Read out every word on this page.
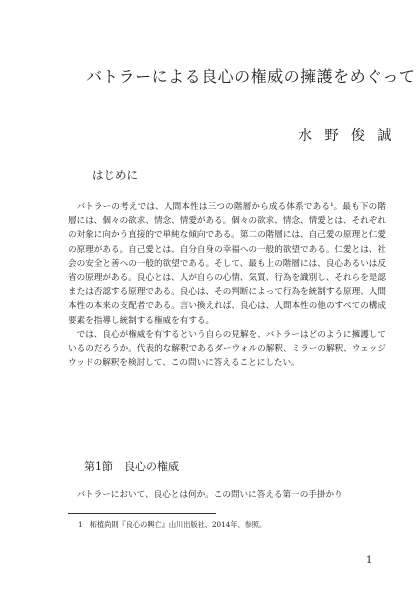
バトラーによる良心の権威の擁護をめぐって
水 野 俊 誠
はじめに

バトラーの考えでは、人間本性は三つの階層から成る体系である¹。最も下の階層には、個々の欲求、情念、情愛がある。個々の欲求、情念、情愛とは、それぞれの対象に向かう直接的で単純な傾向である。第二の階層には、自己愛の原理と仁愛の原理がある。自己愛とは、自分自身の幸福への一般的欲望である。仁愛とは、社会の安全と善への一般的欲望である。そして、最も上の階層には、良心あるいは反省の原理がある。良心とは、人が自らの心情、気質、行為を識別し、それらを是認または否認する原理である。良心は、その判断によって行為を統制する原理、人間本性の本来の支配者である。言い換えれば、良心は、人間本性の他のすべての構成要素を指導し統制する権威を有する。

では、良心が権威を有するという自らの見解を、バトラーはどのように擁護しているのだろうか。代表的な解釈であるダーウォルの解釈、ミラーの解釈、ウェッジウッドの解釈を検討して、この問いに答えることにしたい。

第1節　良心の権威
バトラーにおいて、良心とは何か。この問いに答える第一の手掛かり
1　柘植尚則『良心の興亡』山川出版社、2014年、参照。
1
